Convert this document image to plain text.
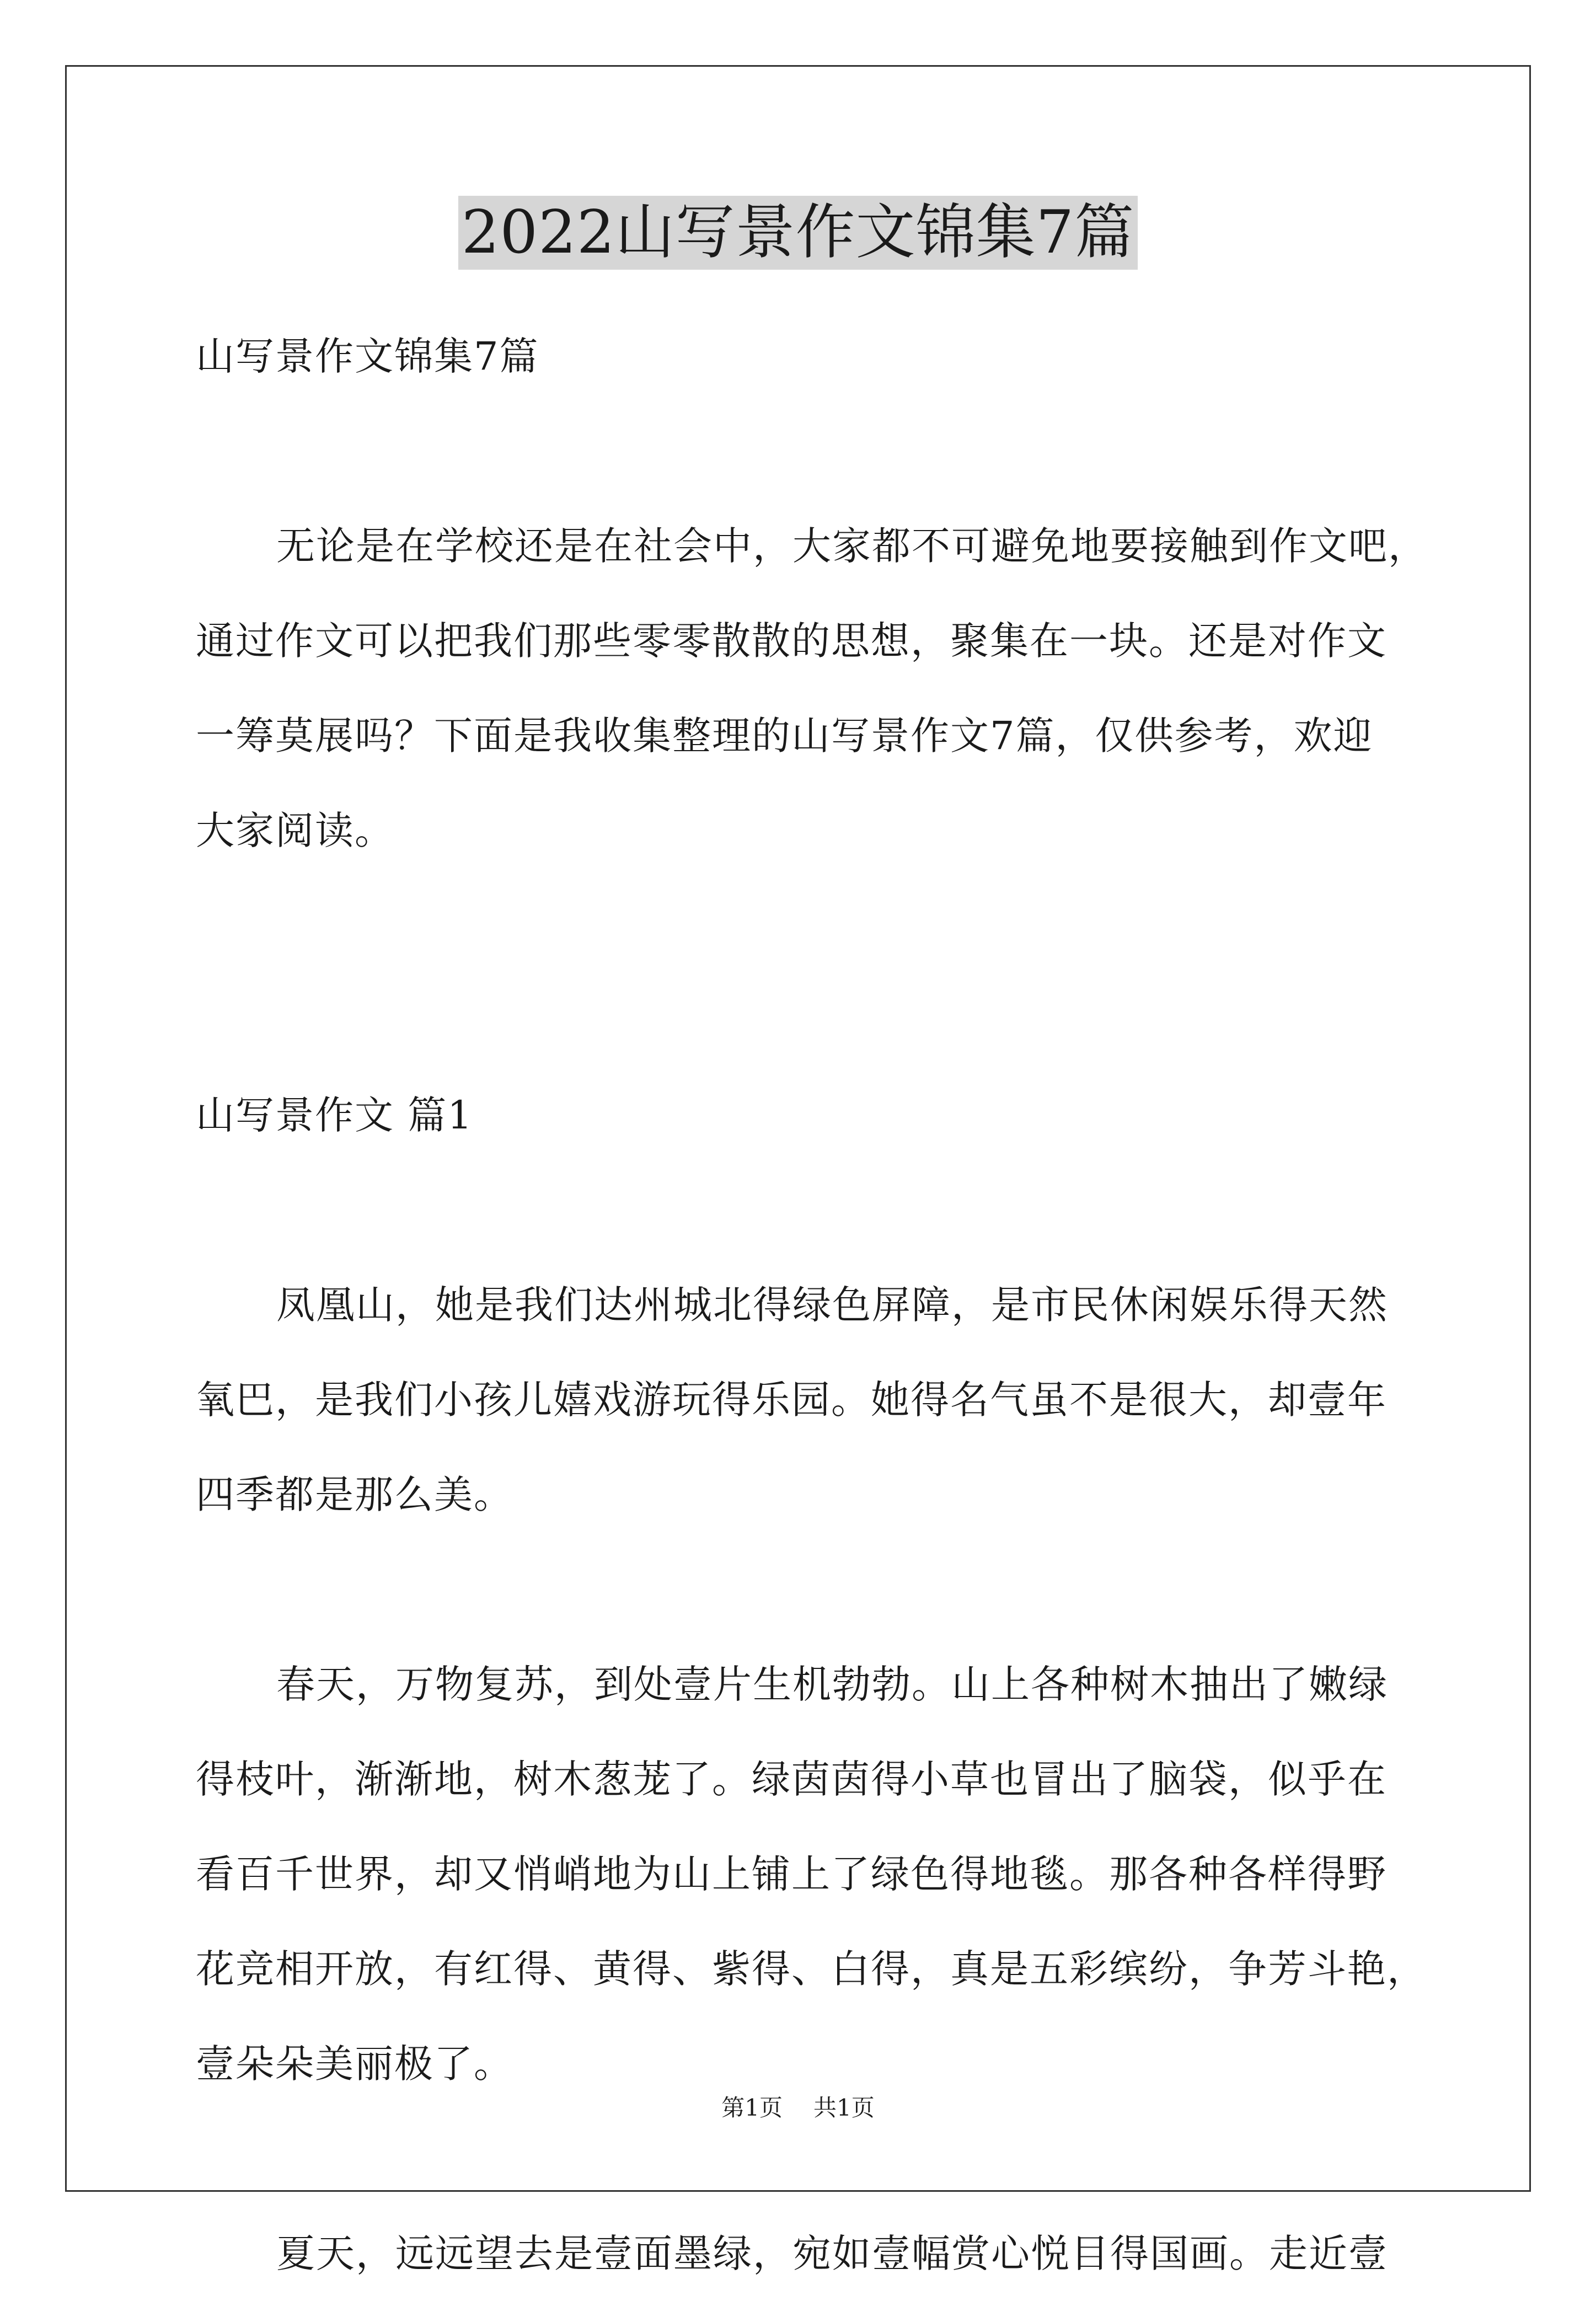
2022山写景作文锦集7篇
山写景作文锦集7篇
无论是在学校还是在社会中，大家都不可避免地要接触到作文吧，
通过作文可以把我们那些零零散散的思想，聚集在一块。还是对作文
一筹莫展吗？下面是我收集整理的山写景作文7篇，仅供参考，欢迎
大家阅读。
山写景作文 篇1
凤凰山，她是我们达州城北得绿色屏障，是市民休闲娱乐得天然
氧巴，是我们小孩儿嬉戏游玩得乐园。她得名气虽不是很大，却壹年
四季都是那么美。
春天，万物复苏，到处壹片生机勃勃。山上各种树木抽出了嫩绿
得枝叶，渐渐地，树木葱茏了。绿茵茵得小草也冒出了脑袋，似乎在
看百千世界，却又悄峭地为山上铺上了绿色得地毯。那各种各样得野
花竞相开放，有红得、黄得、紫得、白得，真是五彩缤纷，争芳斗艳，
壹朵朵美丽极了。
夏天，远远望去是壹面墨绿，宛如壹幅赏心悦目得国画。走近壹
第1页 共1页
